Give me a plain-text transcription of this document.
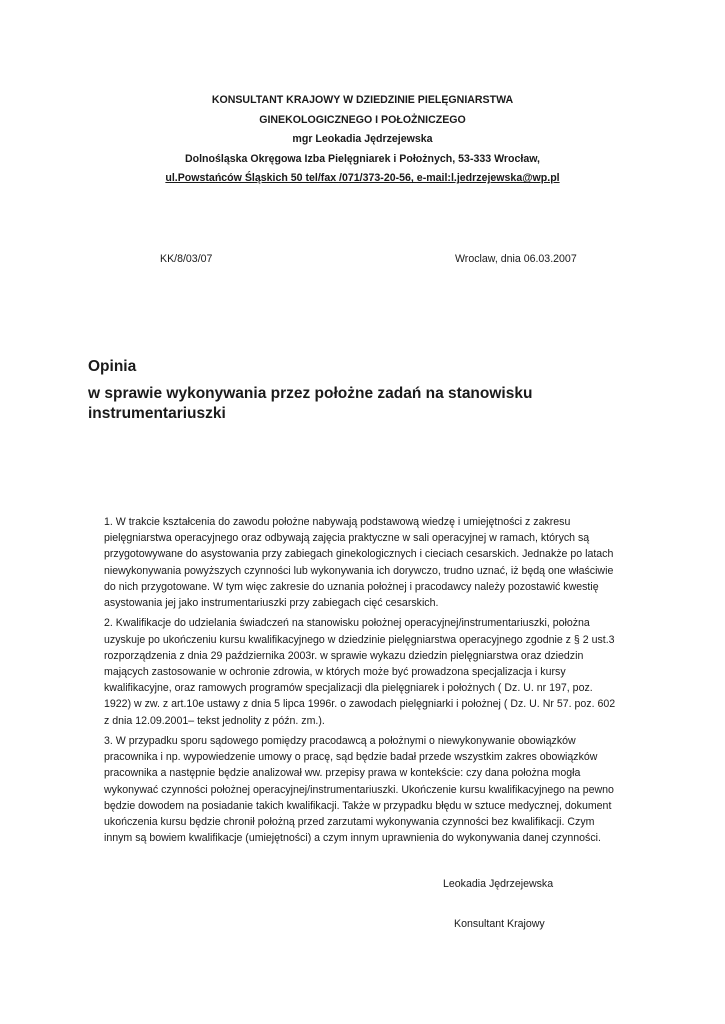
KONSULTANT KRAJOWY W DZIEDZINIE PIELĘGNIARSTWA
GINEKOLOGICZNEGO I POŁOŻNICZEGO
mgr Leokadia Jędrzejewska
Dolnośląska Okręgowa Izba Pielęgniarek i Położnych, 53-333 Wrocław,
ul.Powstańców Śląskich 50 tel/fax /071/373-20-56, e-mail:l.jedrzejewska@wp.pl
KK/8/03/07	Wroclaw, dnia 06.03.2007
Opinia
w sprawie wykonywania przez położne zadań na stanowisku instrumentariuszki

1. W trakcie kształcenia do zawodu położne nabywają podstawową wiedzę i umiejętności z zakresu
pielęgniarstwa operacyjnego oraz odbywają zajęcia praktyczne w sali operacyjnej w ramach, których są
przygotowywane do asystowania przy zabiegach ginekologicznych i cieciach cesarskich. Jednakże po latach
niewykonywania powyższych czynności lub wykonywania ich dorywczo, trudno uznać, iż będą one właściwie
do nich przygotowane. W tym więc zakresie do uznania położnej i pracodawcy należy pozostawić kwestię
asystowania jej jako instrumentariuszki przy zabiegach cięć cesarskich.

2. Kwalifikacje do udzielania świadczeń na stanowisku położnej operacyjnej/instrumentariuszki, położna
uzyskuje po ukończeniu kursu kwalifikacyjnego w dziedzinie pielęgniarstwa operacyjnego zgodnie z § 2 ust.3
rozporządzenia z dnia 29 października 2003r. w sprawie wykazu dziedzin pielęgniarstwa oraz dziedzin
mających zastosowanie w ochronie zdrowia, w których może być prowadzona specjalizacja i kursy
kwalifikacyjne, oraz ramowych programów specjalizacji dla pielęgniarek i położnych ( Dz. U. nr 197, poz.
1922) w zw. z art.10e ustawy z dnia 5 lipca 1996r. o zawodach pielęgniarki i położnej ( Dz. U. Nr 57. poz. 602
z dnia 12.09.2001– tekst jednolity z późn. zm.).

3. W przypadku sporu sądowego pomiędzy pracodawcą a położnymi o niewykonywanie obowiązków
pracownika i np. wypowiedzenie umowy o pracę, sąd będzie badał przede wszystkim zakres obowiązków
pracownika a następnie będzie analizował ww. przepisy prawa w kontekście: czy dana położna mogła
wykonywać czynności położnej operacyjnej/instrumentariuszki. Ukończenie kursu kwalifikacyjnego na pewno
będzie dowodem na posiadanie takich kwalifikacji. Także w przypadku błędu w sztuce medycznej, dokument
ukończenia kursu będzie chronił położną przed zarzutami wykonywania czynności bez kwalifikacji. Czym
innym są bowiem kwalifikacje (umiejętności) a czym innym uprawnienia do wykonywania danej czynności.

Leokadia Jędrzejewska
Konsultant Krajowy
